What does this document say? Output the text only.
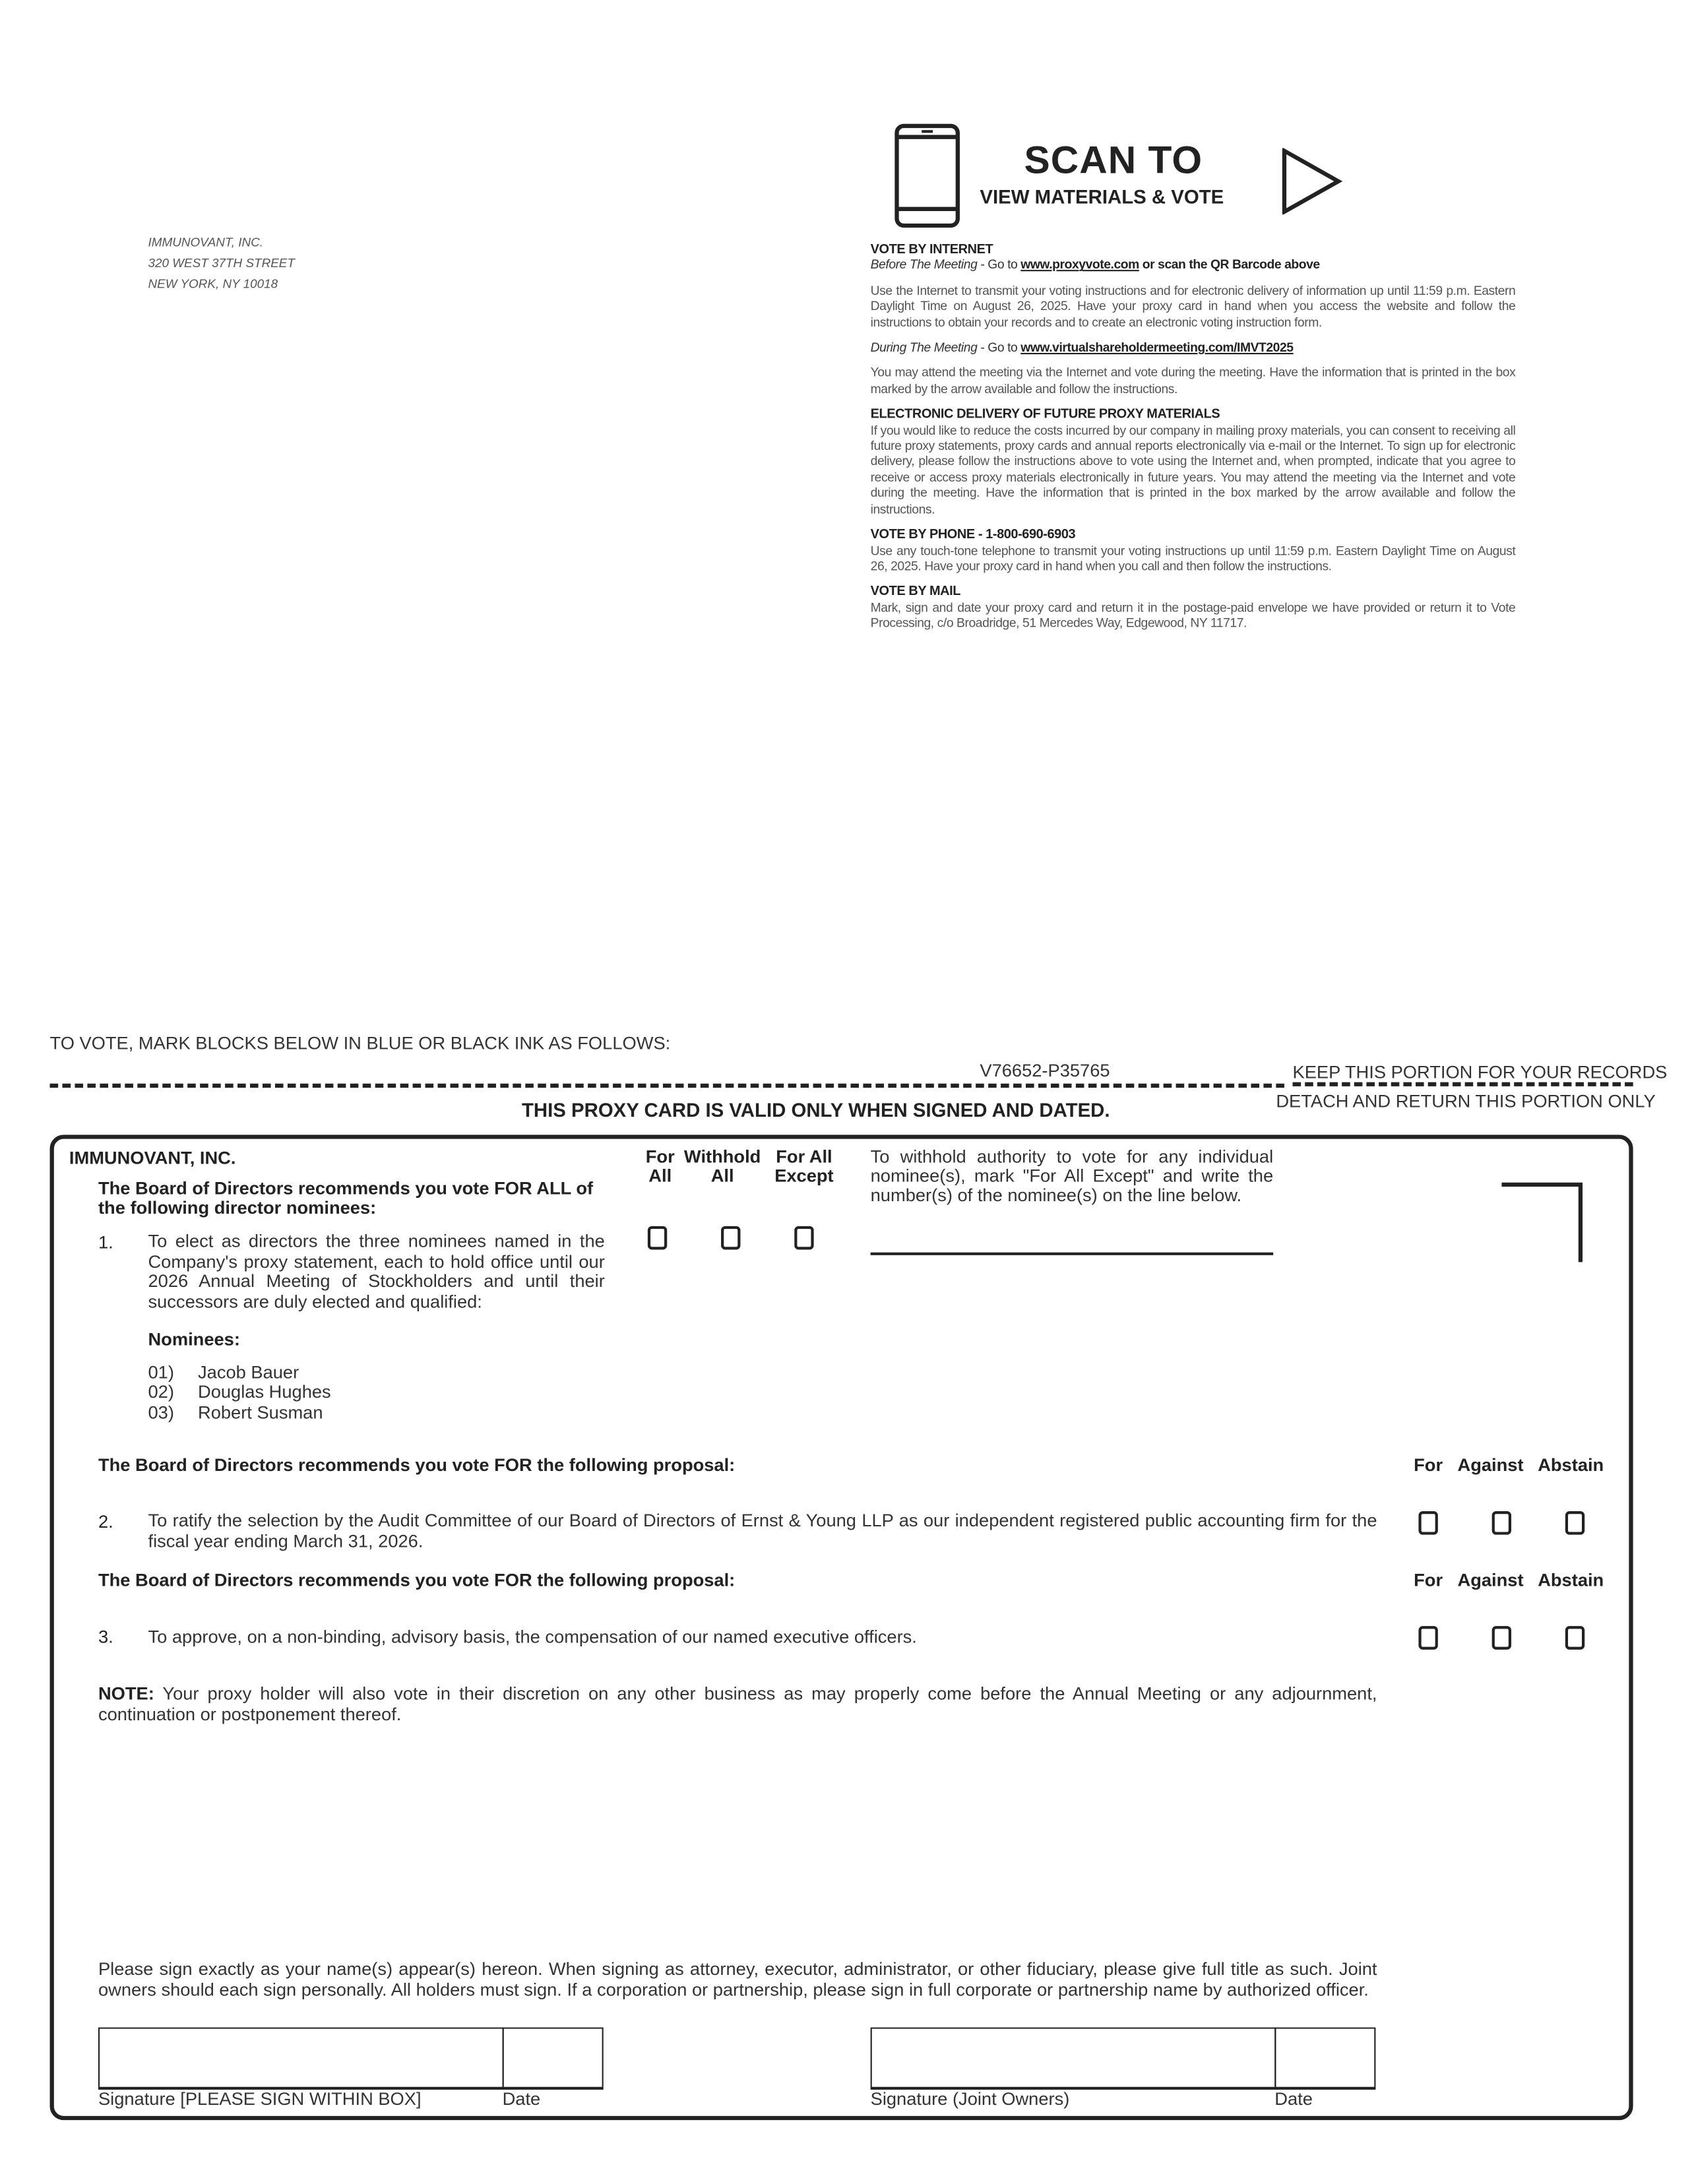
IMMUNOVANT, INC.
320 WEST 37TH STREET
NEW YORK, NY 10018
SCAN TO
VIEW MATERIALS & VOTE
VOTE BY INTERNET

Before The Meeting - Go to www.proxyvote.com or scan the QR Barcode above

Use the Internet to transmit your voting instructions and for electronic delivery of information up until 11:59 p.m. Eastern Daylight Time on August 26, 2025. Have your proxy card in hand when you access the website and follow the instructions to obtain your records and to create an electronic voting instruction form.

During The Meeting - Go to www.virtualshareholdermeeting.com/IMVT2025

You may attend the meeting via the Internet and vote during the meeting. Have the information that is printed in the box marked by the arrow available and follow the instructions.

ELECTRONIC DELIVERY OF FUTURE PROXY MATERIALS

If you would like to reduce the costs incurred by our company in mailing proxy materials, you can consent to receiving all future proxy statements, proxy cards and annual reports electronically via e-mail or the Internet. To sign up for electronic delivery, please follow the instructions above to vote using the Internet and, when prompted, indicate that you agree to receive or access proxy materials electronically in future years. You may attend the meeting via the Internet and vote during the meeting. Have the information that is printed in the box marked by the arrow available and follow the instructions.

VOTE BY PHONE - 1-800-690-6903

Use any touch-tone telephone to transmit your voting instructions up until 11:59 p.m. Eastern Daylight Time on August 26, 2025. Have your proxy card in hand when you call and then follow the instructions.

VOTE BY MAIL

Mark, sign and date your proxy card and return it in the postage-paid envelope we have provided or return it to Vote Processing, c/o Broadridge, 51 Mercedes Way, Edgewood, NY 11717.

TO VOTE, MARK BLOCKS BELOW IN BLUE OR BLACK INK AS FOLLOWS:
V76652-P35765	KEEP THIS PORTION FOR YOUR RECORDS
DETACH AND RETURN THIS PORTION ONLY
THIS PROXY CARD IS VALID ONLY WHEN SIGNED AND DATED.
IMMUNOVANT, INC.
The Board of Directors recommends you vote FOR ALL of the following director nominees:
For All
Withhold All
For All Except
To withhold authority to vote for any individual nominee(s), mark "For All Except" and write the number(s) of the nominee(s) on the line below.
1.	To elect as directors the three nominees named in the Company's proxy statement, each to hold office until our 2026 Annual Meeting of Stockholders and until their successors are duly elected and qualified:
Nominees:
01)	Jacob Bauer
02)	Douglas Hughes
03)	Robert Susman
The Board of Directors recommends you vote FOR the following proposal:	For	Against	Abstain
2.	To ratify the selection by the Audit Committee of our Board of Directors of Ernst & Young LLP as our independent registered public accounting firm for the fiscal year ending March 31, 2026.
The Board of Directors recommends you vote FOR the following proposal:	For	Against	Abstain
3.	To approve, on a non-binding, advisory basis, the compensation of our named executive officers.
NOTE: Your proxy holder will also vote in their discretion on any other business as may properly come before the Annual Meeting or any adjournment, continuation or postponement thereof.
Please sign exactly as your name(s) appear(s) hereon. When signing as attorney, executor, administrator, or other fiduciary, please give full title as such. Joint owners should each sign personally. All holders must sign. If a corporation or partnership, please sign in full corporate or partnership name by authorized officer.
Signature [PLEASE SIGN WITHIN BOX]	Date	Signature (Joint Owners)	Date
